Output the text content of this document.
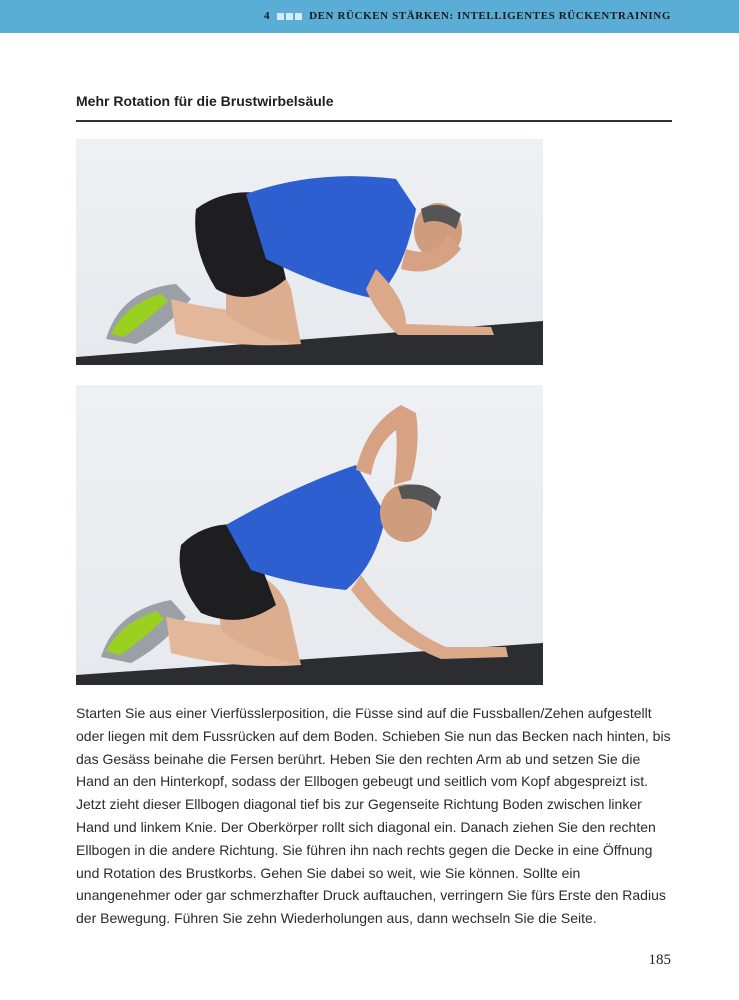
4	DEN RÜCKEN STÄRKEN: INTELLIGENTES RÜCKENTRAINING
Mehr Rotation für die Brustwirbelsäule
Starten Sie aus einer Vierfüsslerposition, die Füsse sind auf die Fussballen/Zehen aufgestellt oder liegen mit dem Fussrücken auf dem Boden. Schieben Sie nun das Becken nach hinten, bis das Gesäss beinahe die Fersen berührt. Heben Sie den rechten Arm ab und setzen Sie die Hand an den Hinterkopf, sodass der Ellbogen gebeugt und seitlich vom Kopf abgespreizt ist. Jetzt zieht dieser Ellbogen diagonal tief bis zur Gegenseite Richtung Boden zwischen linker Hand und linkem Knie. Der Oberkörper rollt sich diagonal ein. Danach ziehen Sie den rechten Ellbogen in die andere Richtung. Sie führen ihn nach rechts gegen die Decke in eine Öffnung und Rotation des Brustkorbs. Gehen Sie dabei so weit, wie Sie können. Sollte ein unangenehmer oder gar schmerzhafter Druck auftauchen, verringern Sie fürs Erste den Radius der Bewegung. Führen Sie zehn Wiederholungen aus, dann wechseln Sie die Seite.
185
